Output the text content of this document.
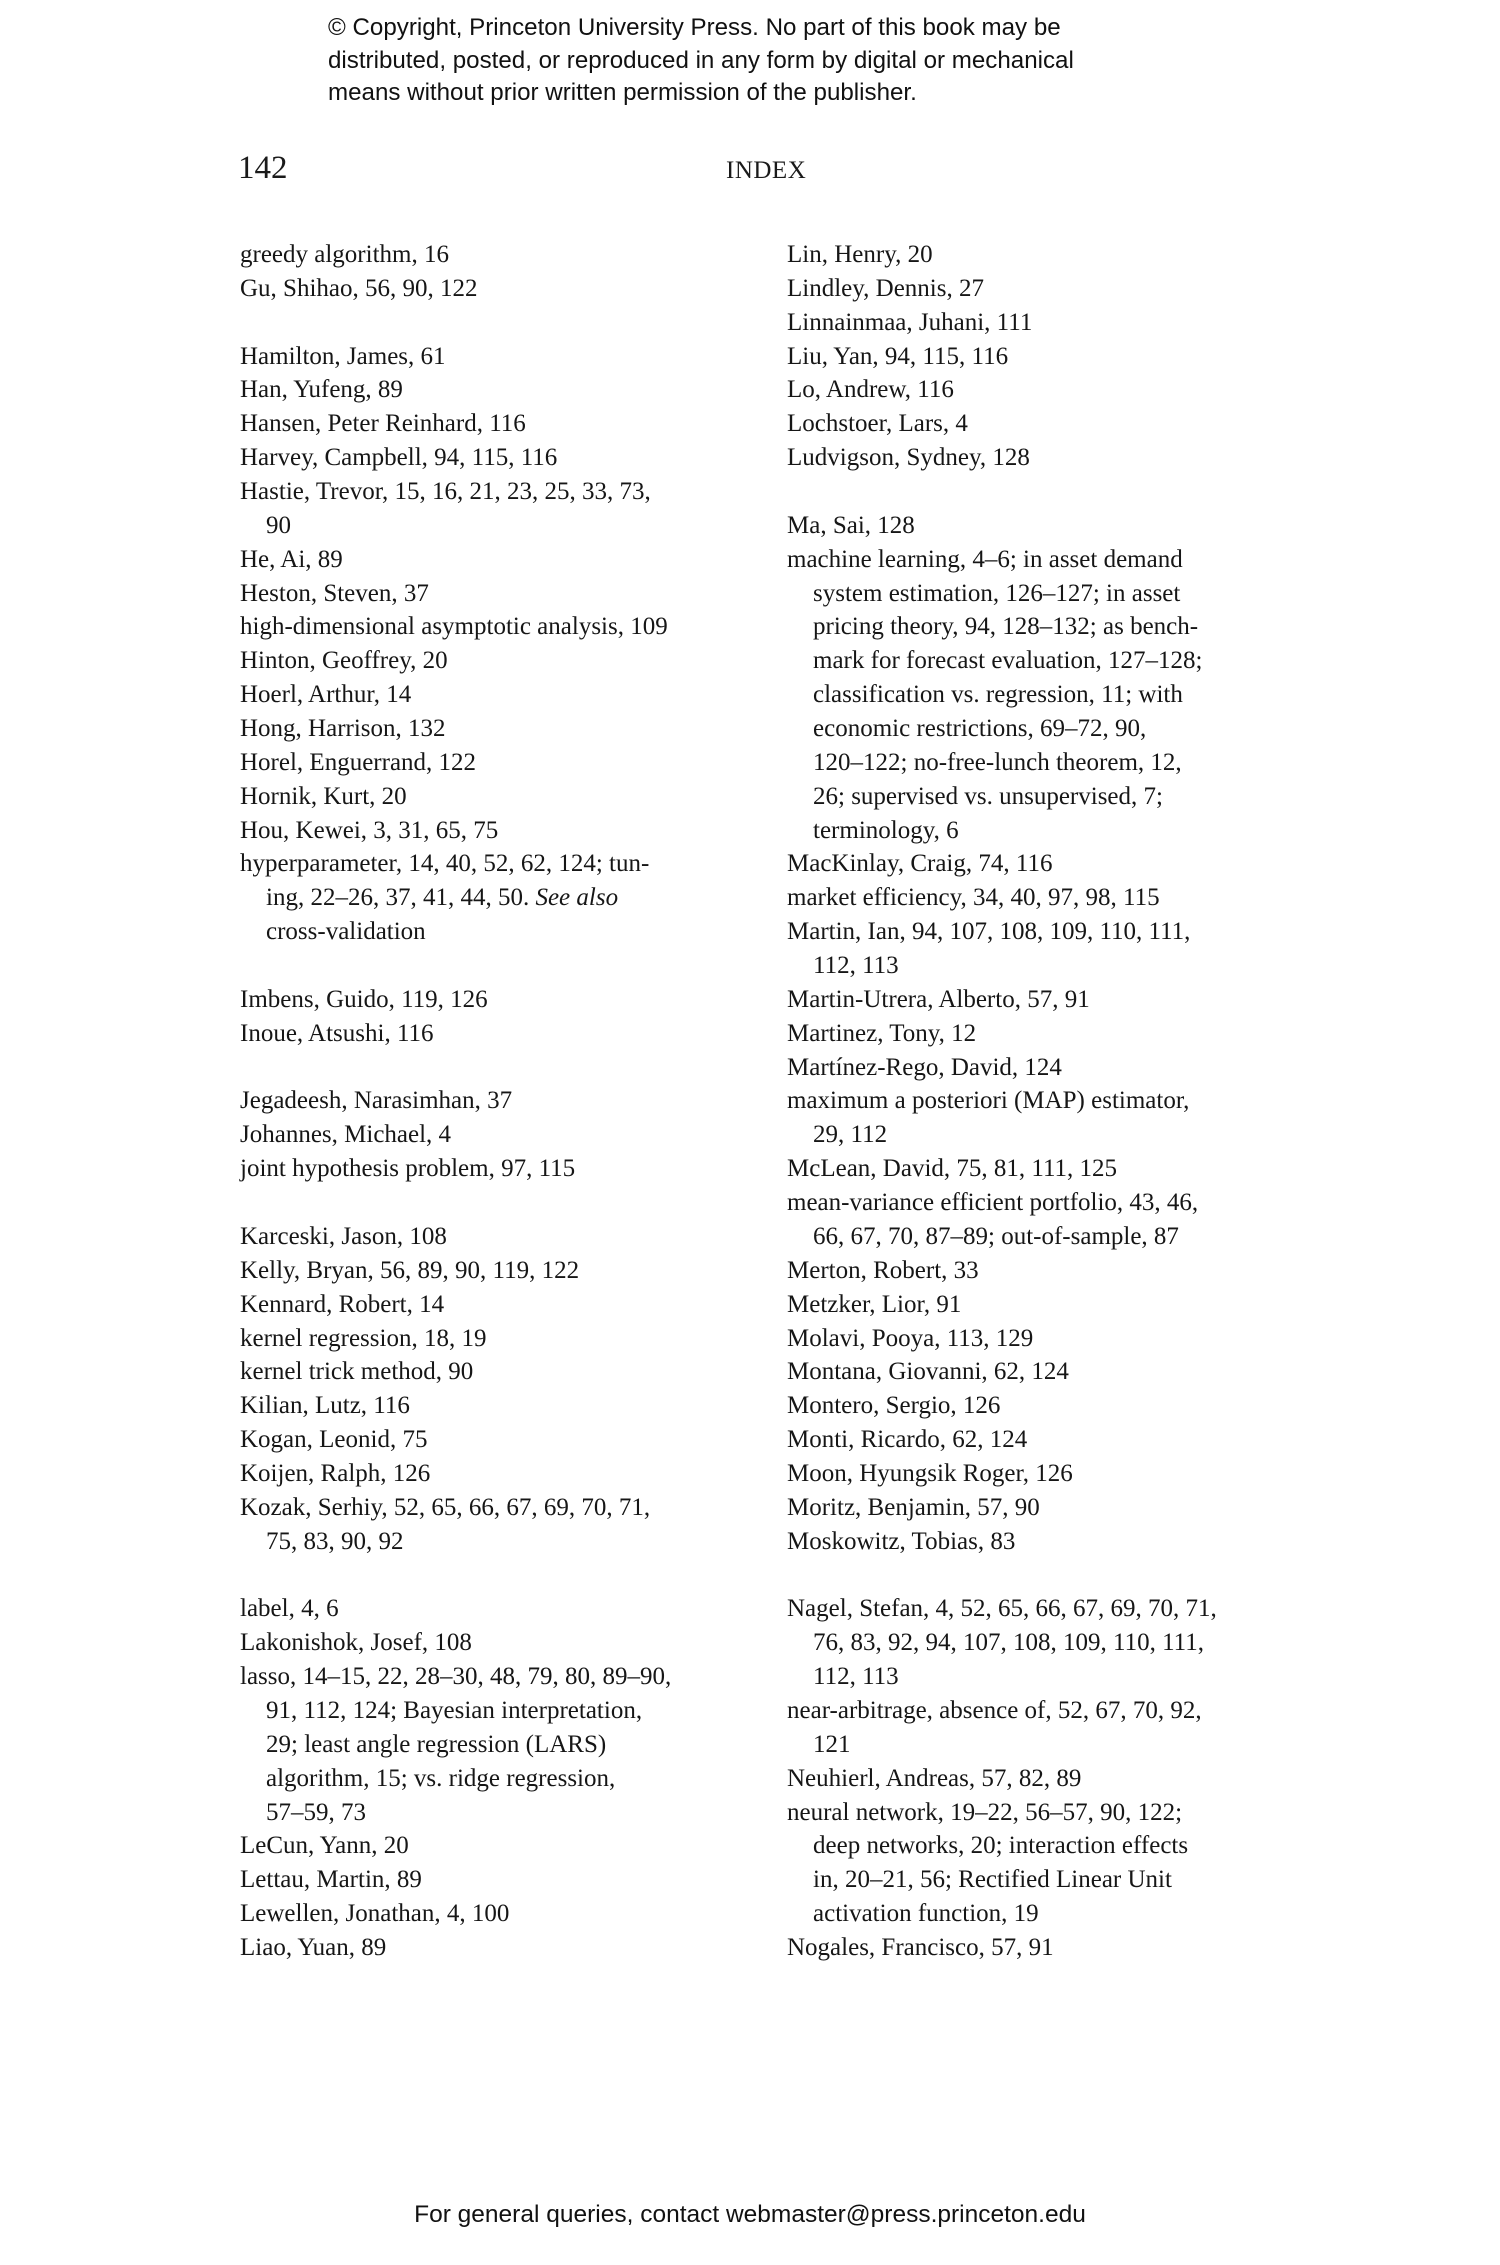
© Copyright, Princeton University Press. No part of this book may be
distributed, posted, or reproduced in any form by digital or mechanical
means without prior written permission of the publisher.
142	INDEX
greedy algorithm, 16
Gu, Shihao, 56, 90, 122
Hamilton, James, 61
Han, Yufeng, 89
Hansen, Peter Reinhard, 116
Harvey, Campbell, 94, 115, 116
Hastie, Trevor, 15, 16, 21, 23, 25, 33, 73,
90
He, Ai, 89
Heston, Steven, 37
high-dimensional asymptotic analysis, 109
Hinton, Geoffrey, 20
Hoerl, Arthur, 14
Hong, Harrison, 132
Horel, Enguerrand, 122
Hornik, Kurt, 20
Hou, Kewei, 3, 31, 65, 75
hyperparameter, 14, 40, 52, 62, 124; tun-
ing, 22–26, 37, 41, 44, 50. See also
cross-validation
Imbens, Guido, 119, 126
Inoue, Atsushi, 116
Jegadeesh, Narasimhan, 37
Johannes, Michael, 4
joint hypothesis problem, 97, 115
Karceski, Jason, 108
Kelly, Bryan, 56, 89, 90, 119, 122
Kennard, Robert, 14
kernel regression, 18, 19
kernel trick method, 90
Kilian, Lutz, 116
Kogan, Leonid, 75
Koijen, Ralph, 126
Kozak, Serhiy, 52, 65, 66, 67, 69, 70, 71,
75, 83, 90, 92
label, 4, 6
Lakonishok, Josef, 108
lasso, 14–15, 22, 28–30, 48, 79, 80, 89–90,
91, 112, 124; Bayesian interpretation,
29; least angle regression (LARS)
algorithm, 15; vs. ridge regression,
57–59, 73
LeCun, Yann, 20
Lettau, Martin, 89
Lewellen, Jonathan, 4, 100
Liao, Yuan, 89
Lin, Henry, 20
Lindley, Dennis, 27
Linnainmaa, Juhani, 111
Liu, Yan, 94, 115, 116
Lo, Andrew, 116
Lochstoer, Lars, 4
Ludvigson, Sydney, 128
Ma, Sai, 128
machine learning, 4–6; in asset demand
system estimation, 126–127; in asset
pricing theory, 94, 128–132; as bench-
mark for forecast evaluation, 127–128;
classification vs. regression, 11; with
economic restrictions, 69–72, 90,
120–122; no-free-lunch theorem, 12,
26; supervised vs. unsupervised, 7;
terminology, 6
MacKinlay, Craig, 74, 116
market efficiency, 34, 40, 97, 98, 115
Martin, Ian, 94, 107, 108, 109, 110, 111,
112, 113
Martin-Utrera, Alberto, 57, 91
Martinez, Tony, 12
Martínez-Rego, David, 124
maximum a posteriori (MAP) estimator,
29, 112
McLean, David, 75, 81, 111, 125
mean-variance efficient portfolio, 43, 46,
66, 67, 70, 87–89; out-of-sample, 87
Merton, Robert, 33
Metzker, Lior, 91
Molavi, Pooya, 113, 129
Montana, Giovanni, 62, 124
Montero, Sergio, 126
Monti, Ricardo, 62, 124
Moon, Hyungsik Roger, 126
Moritz, Benjamin, 57, 90
Moskowitz, Tobias, 83
Nagel, Stefan, 4, 52, 65, 66, 67, 69, 70, 71,
76, 83, 92, 94, 107, 108, 109, 110, 111,
112, 113
near-arbitrage, absence of, 52, 67, 70, 92,
121
Neuhierl, Andreas, 57, 82, 89
neural network, 19–22, 56–57, 90, 122;
deep networks, 20; interaction effects
in, 20–21, 56; Rectified Linear Unit
activation function, 19
Nogales, Francisco, 57, 91
For general queries, contact webmaster@press.princeton.edu
